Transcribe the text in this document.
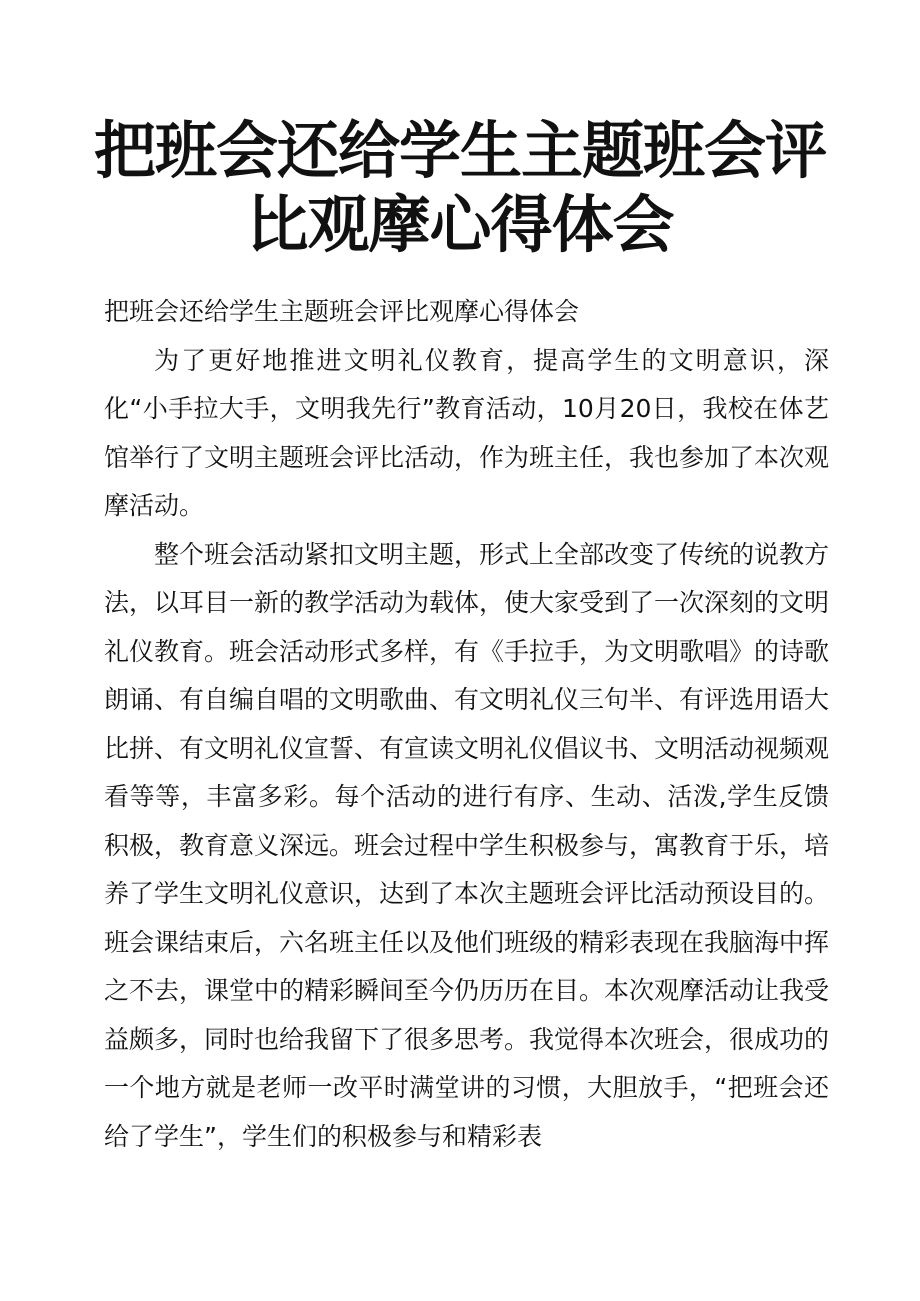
把班会还给学生主题班会评
比观摩心得体会

把班会还给学生主题班会评比观摩心得体会

为了更好地推进文明礼仪教育，提高学生的文明意识，深化“小手拉大手，文明我先行”教育活动，10月20日，我校在体艺馆举行了文明主题班会评比活动，作为班主任，我也参加了本次观摩活动。

整个班会活动紧扣文明主题，形式上全部改变了传统的说教方法，以耳目一新的教学活动为载体，使大家受到了一次深刻的文明礼仪教育。班会活动形式多样，有《手拉手，为文明歌唱》的诗歌朗诵、有自编自唱的文明歌曲、有文明礼仪三句半、有评选用语大比拼、有文明礼仪宣誓、有宣读文明礼仪倡议书、文明活动视频观看等等，丰富多彩。每个活动的进行有序、生动、活泼,学生反馈积极，教育意义深远。班会过程中学生积极参与，寓教育于乐，培养了学生文明礼仪意识，达到了本次主题班会评比活动预设目的。班会课结束后，六名班主任以及他们班级的精彩表现在我脑海中挥之不去，课堂中的精彩瞬间至今仍历历在目。本次观摩活动让我受益颇多，同时也给我留下了很多思考。我觉得本次班会，很成功的一个地方就是老师一改平时满堂讲的习惯，大胆放手，“把班会还给了学生”，学生们的积极参与和精彩表
